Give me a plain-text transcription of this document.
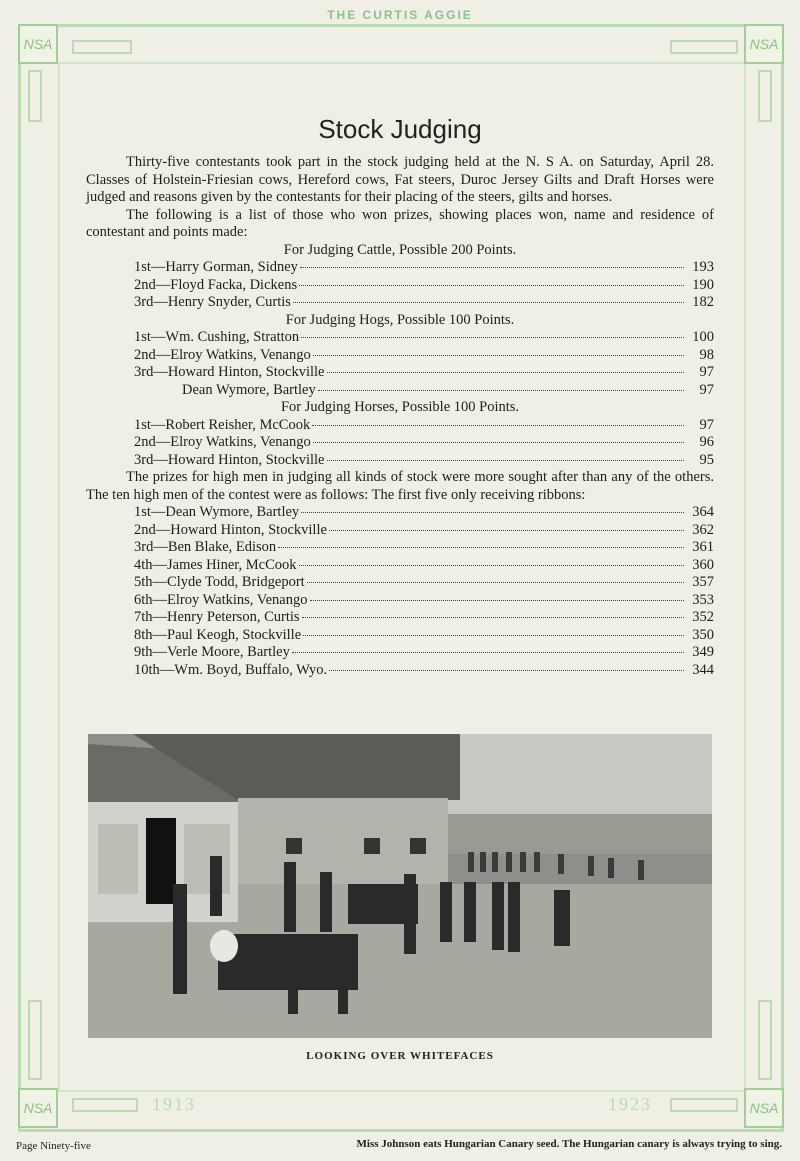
THE CURTIS AGGIE
NSA	NSA
NSA	NSA
1913	1923
Stock Judging

Thirty-five contestants took part in the stock judging held at the N. S A. on Saturday, April 28. Classes of Holstein-Friesian cows, Hereford cows, Fat steers, Duroc Jersey Gilts and Draft Horses were judged and reasons given by the contestants for their placing of the steers, gilts and horses.

The following is a list of those who won prizes, showing places won, name and residence of contestant and points made:

For Judging Cattle, Possible 200 Points.

1st—Harry Gorman, Sidney	193
2nd—Floyd Facka, Dickens	190
3rd—Henry Snyder, Curtis	182

For Judging Hogs, Possible 100 Points.

1st—Wm. Cushing, Stratton	100
2nd—Elroy Watkins, Venango	98
3rd—Howard Hinton, Stockville	97
Dean Wymore, Bartley	97

For Judging Horses, Possible 100 Points.

1st—Robert Reisher, McCook	97
2nd—Elroy Watkins, Venango	96
3rd—Howard Hinton, Stockville	95

The prizes for high men in judging all kinds of stock were more sought after than any of the others. The ten high men of the contest were as follows: The first five only receiving ribbons:

1st—Dean Wymore, Bartley	364
2nd—Howard Hinton, Stockville	362
3rd—Ben Blake, Edison	361
4th—James Hiner, McCook	360
5th—Clyde Todd, Bridgeport	357
6th—Elroy Watkins, Venango	353
7th—Henry Peterson, Curtis	352
8th—Paul Keogh, Stockville	350
9th—Verle Moore, Bartley	349
10th—Wm. Boyd, Buffalo, Wyo.	344
LOOKING OVER WHITEFACES
Page Ninety-five	Miss Johnson eats Hungarian Canary seed. The Hungarian canary is always trying to sing.
